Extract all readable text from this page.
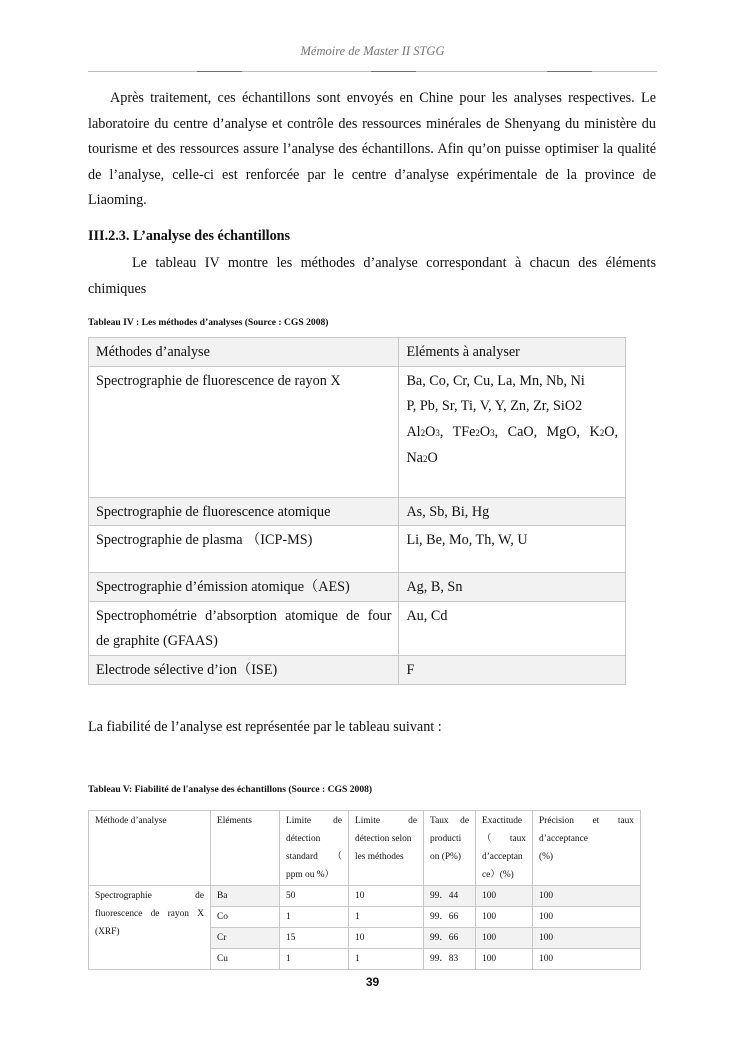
Mémoire de Master II STGG
Après traitement, ces échantillons sont envoyés en Chine pour les analyses respectives. Le laboratoire du centre d’analyse et contrôle des ressources minérales de Shenyang du ministère du tourisme et des ressources assure l’analyse des échantillons. Afin qu’on puisse optimiser la qualité de l’analyse, celle-ci est renforcée par le centre d’analyse expérimentale de la province de Liaoming.
III.2.3. L’analyse des échantillons
Le tableau IV montre les méthodes d’analyse correspondant à chacun des éléments chimiques
Tableau IV : Les méthodes d’analyses (Source : CGS 2008)
Méthodes d’analyse	Eléments à analyser
Spectrographie de fluorescence de rayon X	Ba, Co, Cr, Cu, La, Mn, Nb, Ni
P, Pb, Sr, Ti, V, Y, Zn, Zr, SiO2
Al2O3, TFe2O3, CaO, MgO, K2O,
Na2O

Spectrographie de fluorescence atomique	As, Sb, Bi, Hg
Spectrographie de plasma （ICP-MS)	Li, Be, Mo, Th, W, U
Spectrographie d’émission atomique（AES)	Ag, B, Sn

Spectrophométrie d’absorption atomique de four
de graphite (GFAAS)	Au, Cd
Electrode sélective d’ion（ISE)	F
La fiabilité de l’analyse est représentée par le tableau suivant :
Tableau V: Fiabilité de l'analyse des échantillons (Source : CGS 2008)
Méthode d’analyse	Eléments	Limite de
détection
standard （
ppm ou %）	Limite de
détection selon
les méthodes	Taux de
producti
on (P%)	Exactitude
（ taux
d’acceptan
ce）(%)	Précision et taux
d’acceptance
(%)

Spectrographie de
fluorescence de rayon X
(XRF)	Ba	50	10	99．44	100	100
	Co	1	1	99．66	100	100
	Cr	15	10	99．66	100	100
	Cu	1	1	99．83	100	100
39
